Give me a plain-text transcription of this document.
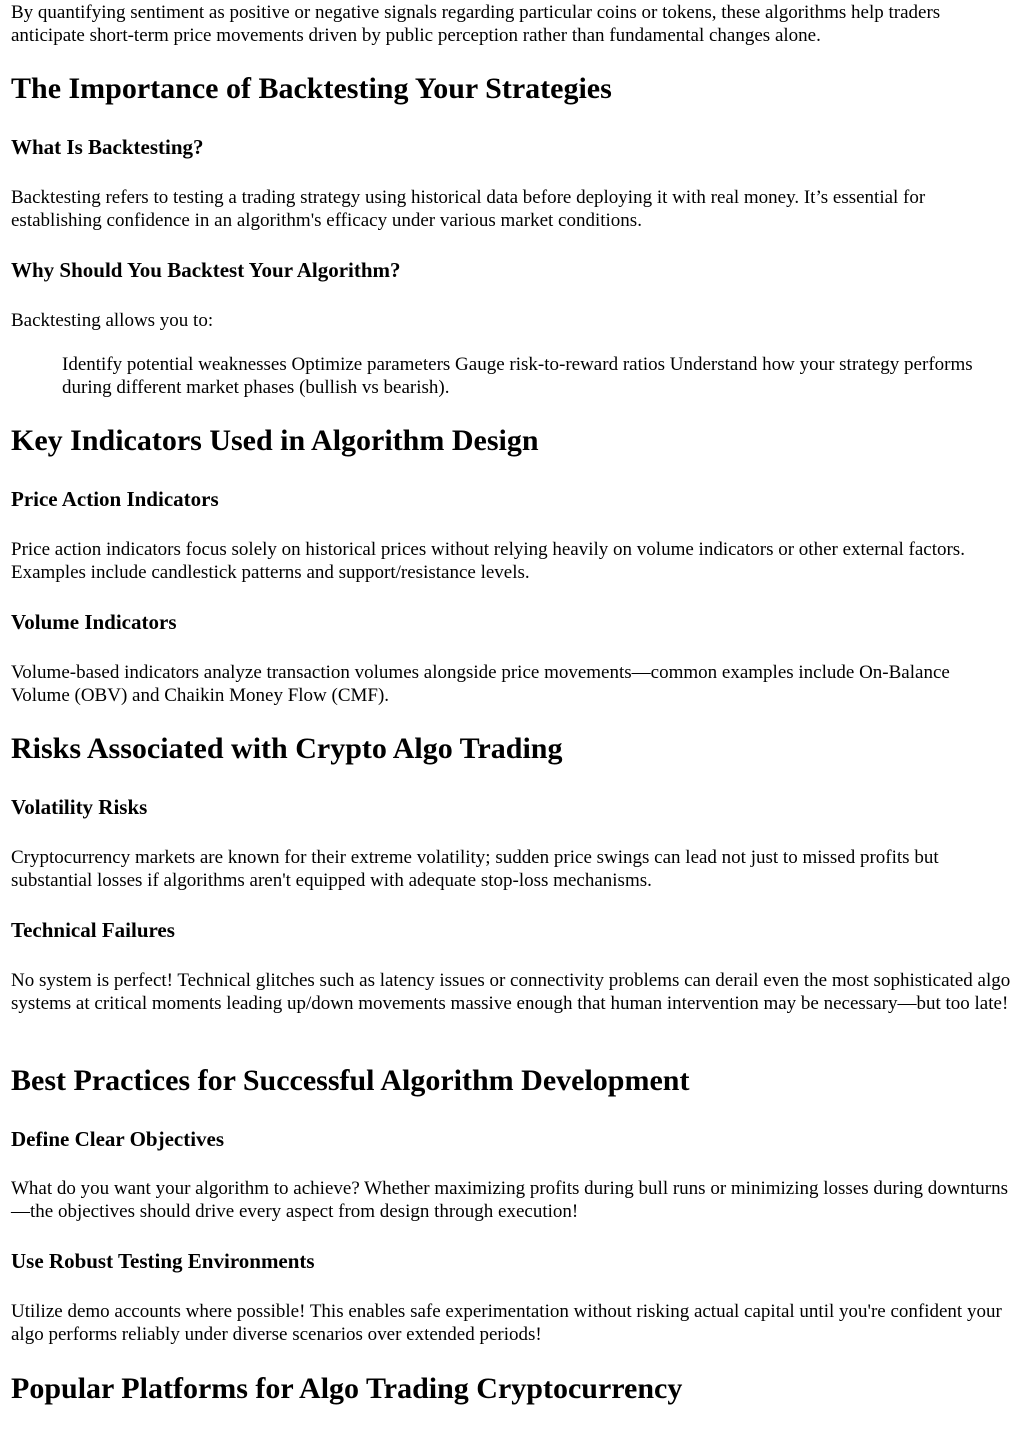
By quantifying sentiment as positive or negative signals regarding particular coins or tokens, these algorithms help traders anticipate short-term price movements driven by public perception rather than fundamental changes alone.

The Importance of Backtesting Your Strategies
What Is Backtesting?

Backtesting refers to testing a trading strategy using historical data before deploying it with real money. It’s essential for establishing confidence in an algorithm's efficacy under various market conditions.

Why Should You Backtest Your Algorithm?

Backtesting allows you to:

Identify potential weaknesses Optimize parameters Gauge risk-to-reward ratios Understand how your strategy performs during different market phases (bullish vs bearish).
Key Indicators Used in Algorithm Design
Price Action Indicators

Price action indicators focus solely on historical prices without relying heavily on volume indicators or other external factors. Examples include candlestick patterns and support/resistance levels.

Volume Indicators

Volume-based indicators analyze transaction volumes alongside price movements—common examples include On-Balance Volume (OBV) and Chaikin Money Flow (CMF).

Risks Associated with Crypto Algo Trading
Volatility Risks

Cryptocurrency markets are known for their extreme volatility; sudden price swings can lead not just to missed profits but substantial losses if algorithms aren't equipped with adequate stop-loss mechanisms.

Technical Failures

No system is perfect! Technical glitches such as latency issues or connectivity problems can derail even the most sophisticated algo systems at critical moments leading up/down movements massive enough that human intervention may be necessary—but too late!

Best Practices for Successful Algorithm Development
Define Clear Objectives

What do you want your algorithm to achieve? Whether maximizing profits during bull runs or minimizing losses during downturns—the objectives should drive every aspect from design through execution!

Use Robust Testing Environments

Utilize demo accounts where possible! This enables safe experimentation without risking actual capital until you're confident your algo performs reliably under diverse scenarios over extended periods!

Popular Platforms for Algo Trading Cryptocurrency
